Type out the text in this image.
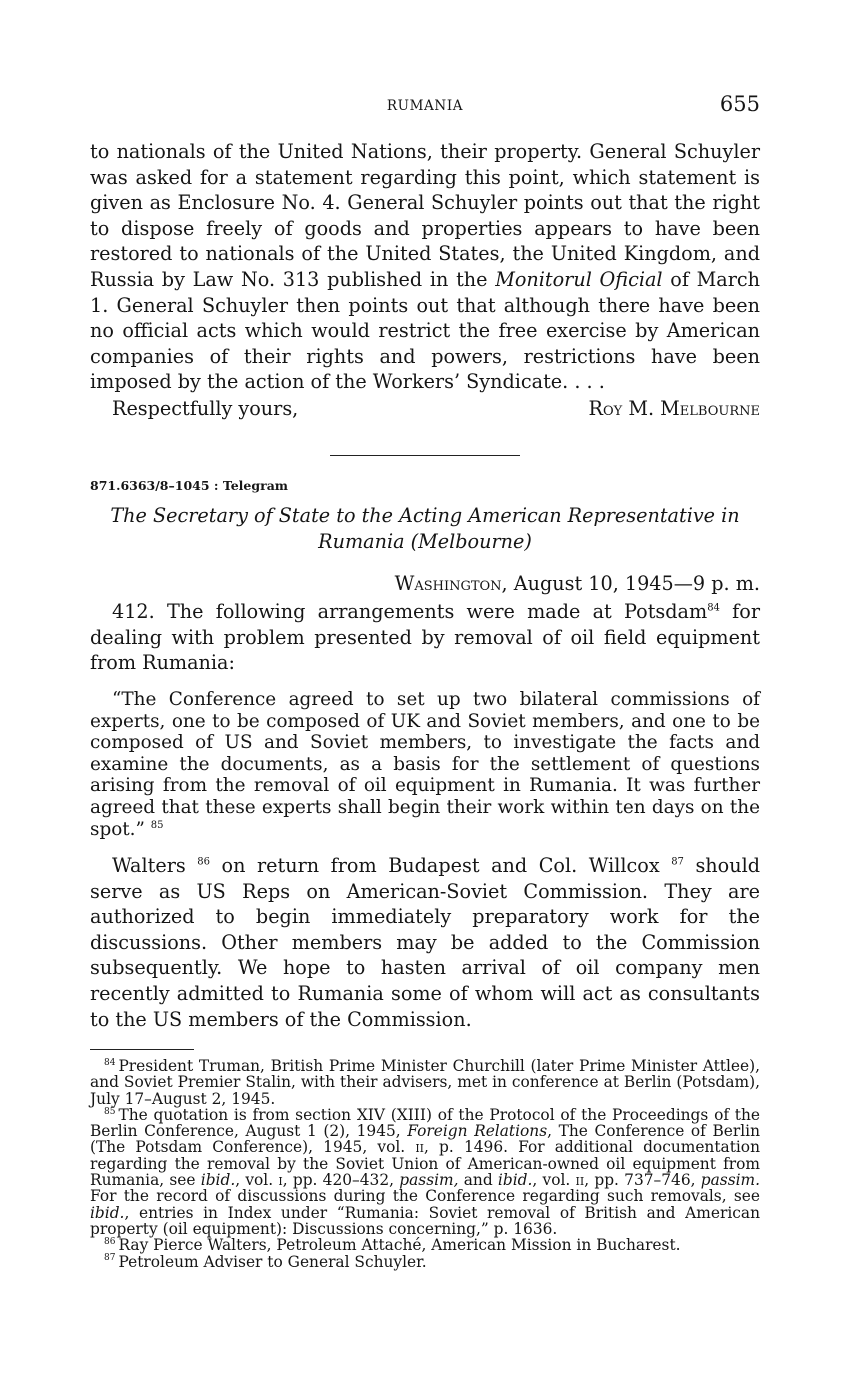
RUMANIA	655

to nationals of the United Nations, their property. General Schuyler was asked for a statement regarding this point, which statement is given as Enclosure No. 4. General Schuyler points out that the right to dispose freely of goods and properties appears to have been restored to nationals of the United States, the United Kingdom, and Russia by Law No. 313 published in the Monitorul Oficial of March 1. General Schuyler then points out that although there have been no official acts which would restrict the free exercise by American companies of their rights and powers, restrictions have been imposed by the action of the Workers’ Syndicate. . . .

Respectfully yours,	Roy M. Melbourne
871.6363/8–1045 : Telegram
The Secretary of State to the Acting American Representative in
Rumania (Melbourne)
Washington, August 10, 1945—9 p. m.

412. The following arrangements were made at Potsdam$^{84}$ for dealing with problem presented by removal of oil field equipment from Rumania:

“The Conference agreed to set up two bilateral commissions of experts, one to be composed of UK and Soviet members, and one to be composed of US and Soviet members, to investigate the facts and examine the documents, as a basis for the settlement of questions arising from the removal of oil equipment in Rumania. It was further agreed that these experts shall begin their work within ten days on the spot.” $^{85}$

Walters $^{86}$ on return from Budapest and Col. Willcox $^{87}$ should serve as US Reps on American-Soviet Commission. They are authorized to begin immediately preparatory work for the discussions. Other members may be added to the Commission subsequently. We hope to hasten arrival of oil company men recently admitted to Rumania some of whom will act as consultants to the US members of the Commission.

$^{84}$ President Truman, British Prime Minister Churchill (later Prime Minister Attlee), and Soviet Premier Stalin, with their advisers, met in conference at Berlin (Potsdam), July 17–August 2, 1945.

$^{85}$ The quotation is from section XIV (XIII) of the Protocol of the Proceedings of the Berlin Conference, August 1 (2), 1945, Foreign Relations, The Conference of Berlin (The Potsdam Conference), 1945, vol. ii, p. 1496. For additional documentation regarding the removal by the Soviet Union of American-owned oil equipment from Rumania, see ibid., vol. i, pp. 420–432, passim, and ibid., vol. ii, pp. 737–746, passim. For the record of discussions during the Conference regarding such removals, see ibid., entries in Index under “Rumania: Soviet removal of British and American property (oil equipment): Discussions concerning,” p. 1636.

$^{86}$ Ray Pierce Walters, Petroleum Attaché, American Mission in Bucharest.

$^{87}$ Petroleum Adviser to General Schuyler.
